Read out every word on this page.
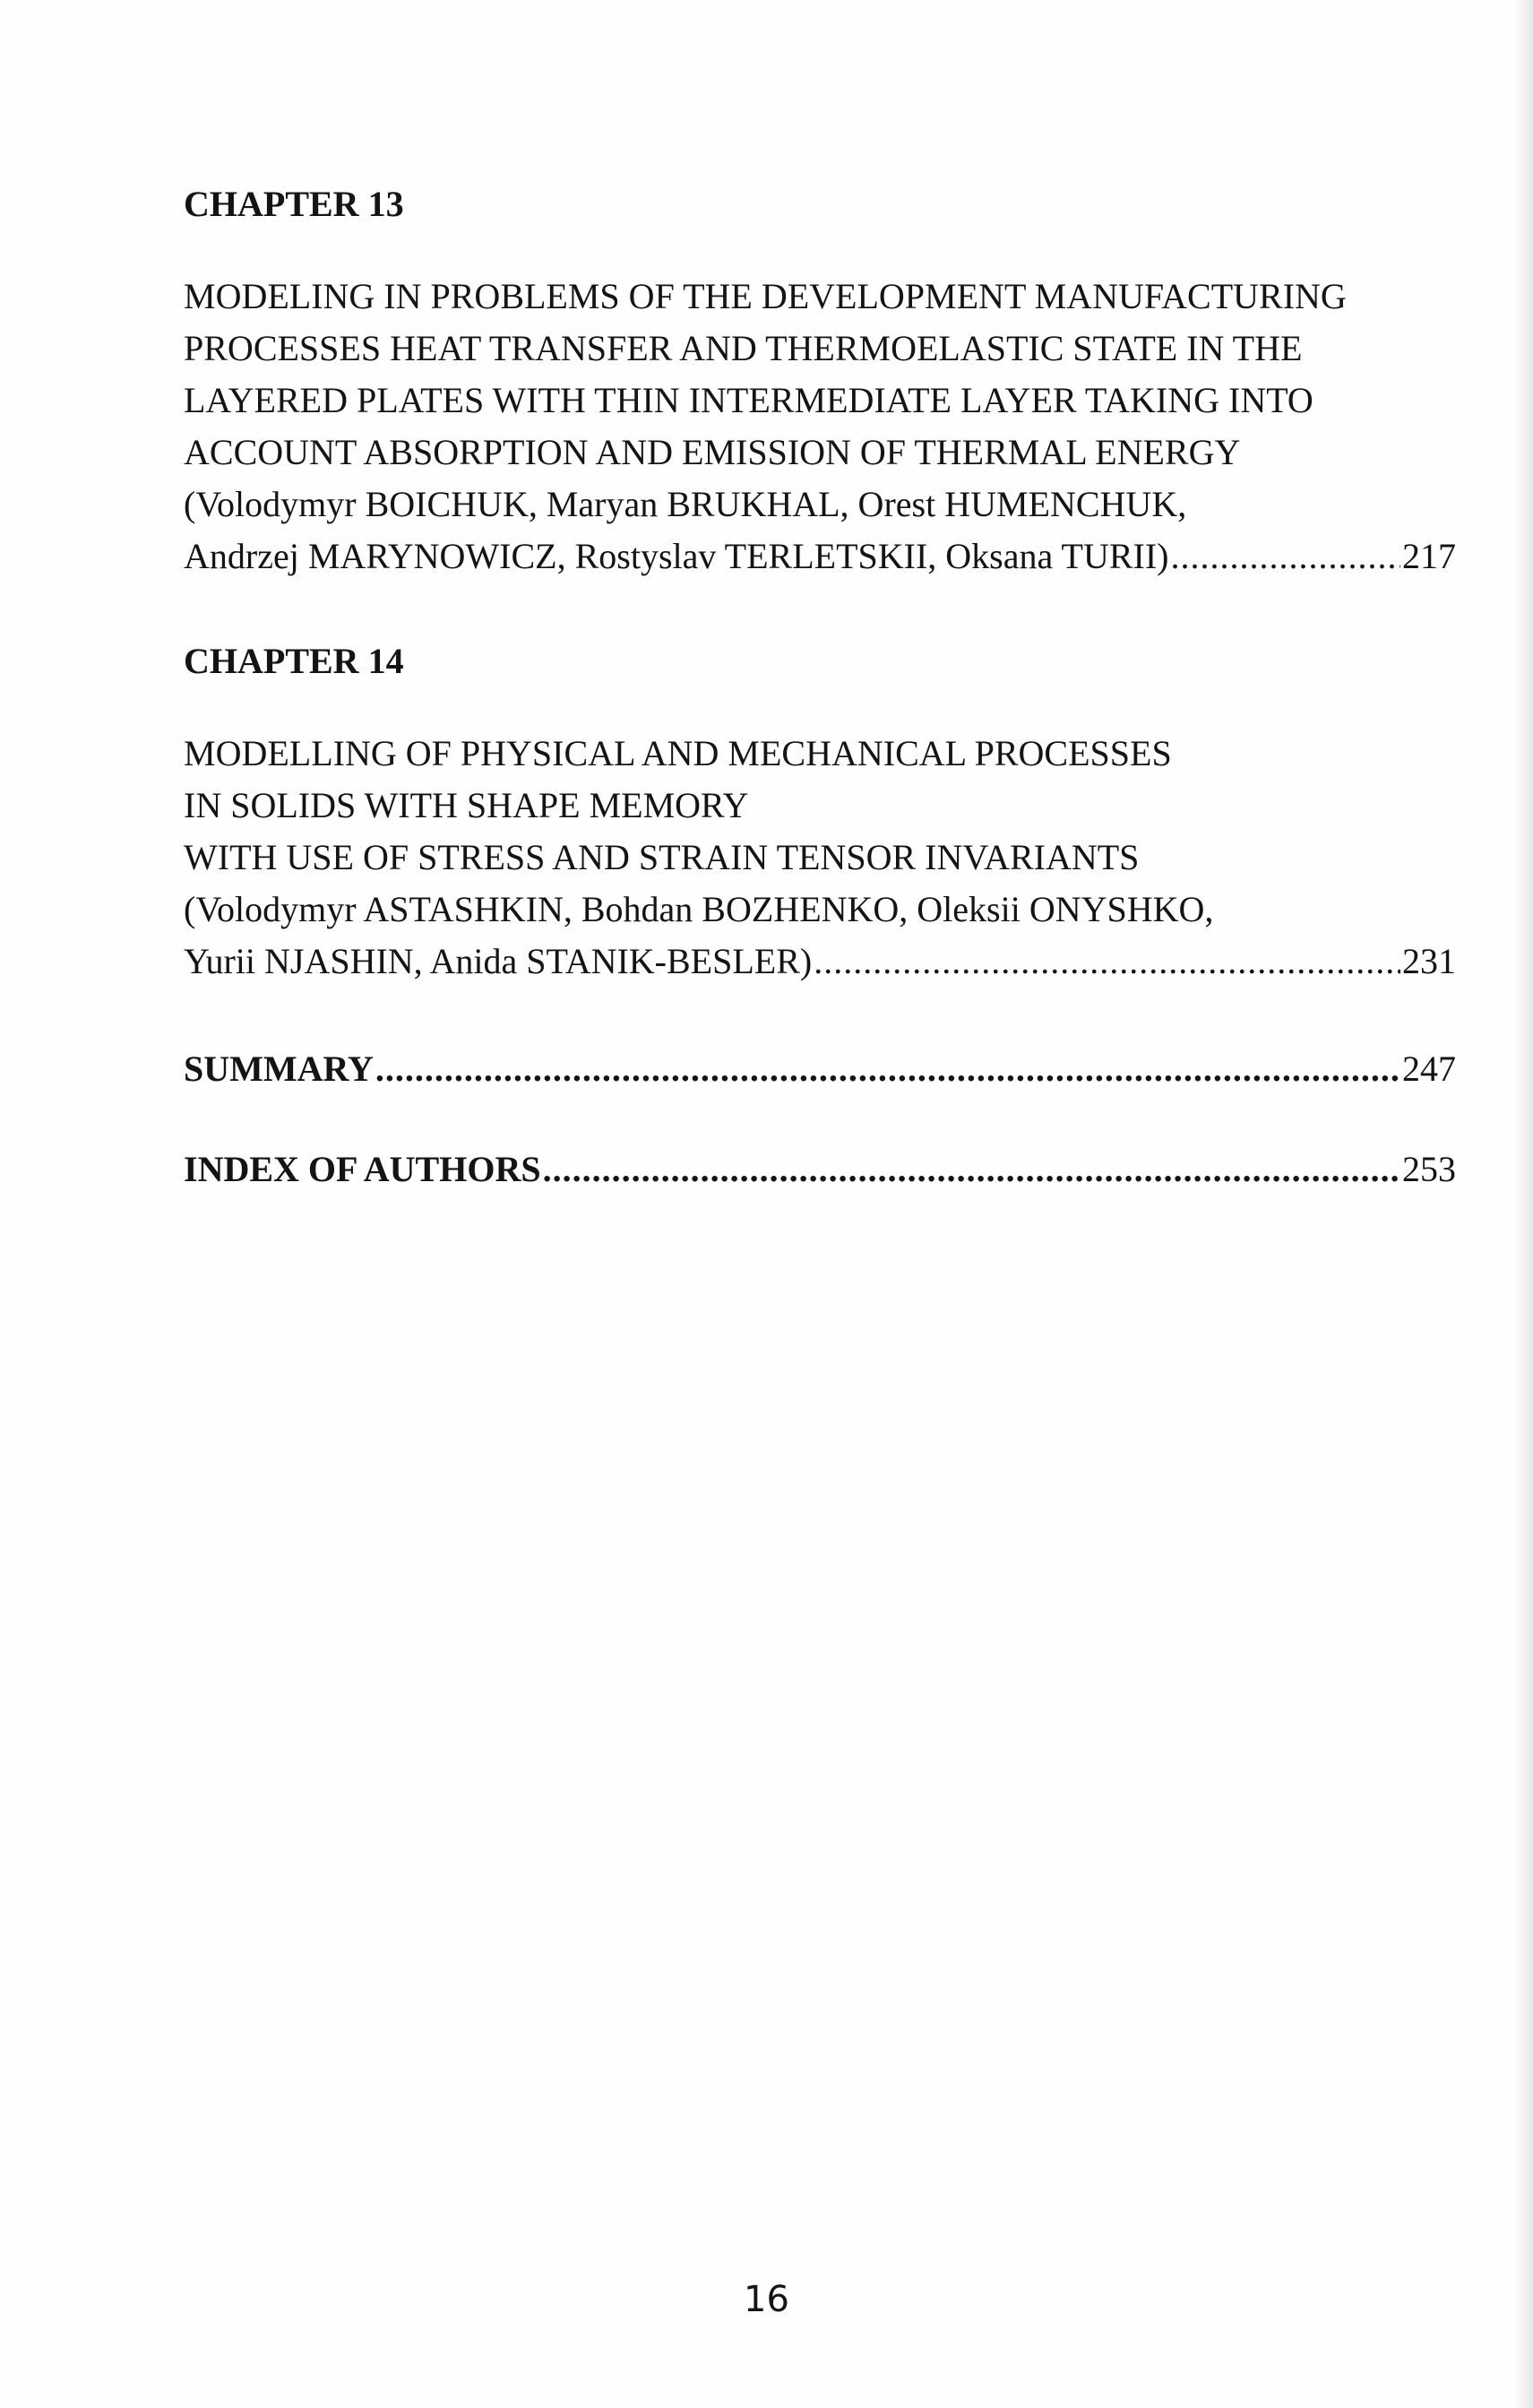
CHAPTER 13

MODELING IN PROBLEMS OF THE DEVELOPMENT MANUFACTURING

PROCESSES HEAT TRANSFER AND THERMOELASTIC STATE IN THE

LAYERED PLATES WITH THIN INTERMEDIATE LAYER TAKING INTO

ACCOUNT ABSORPTION AND EMISSION OF THERMAL ENERGY

(Volodymyr BOICHUK, Maryan BRUKHAL, Orest HUMENCHUK,

Andrzej MARYNOWICZ, Rostyslav TERLETSKII, Oksana TURII) .....	217

CHAPTER 14

MODELLING OF PHYSICAL AND MECHANICAL PROCESSES

IN SOLIDS WITH SHAPE MEMORY

WITH USE OF STRESS AND STRAIN TENSOR INVARIANTS

(Volodymyr ASTASHKIN, Bohdan BOZHENKO, Oleksii ONYSHKO,

Yurii NJASHIN, Anida STANIK-BESLER) .....	231

SUMMARY .....	247

INDEX OF AUTHORS .....	253

16
